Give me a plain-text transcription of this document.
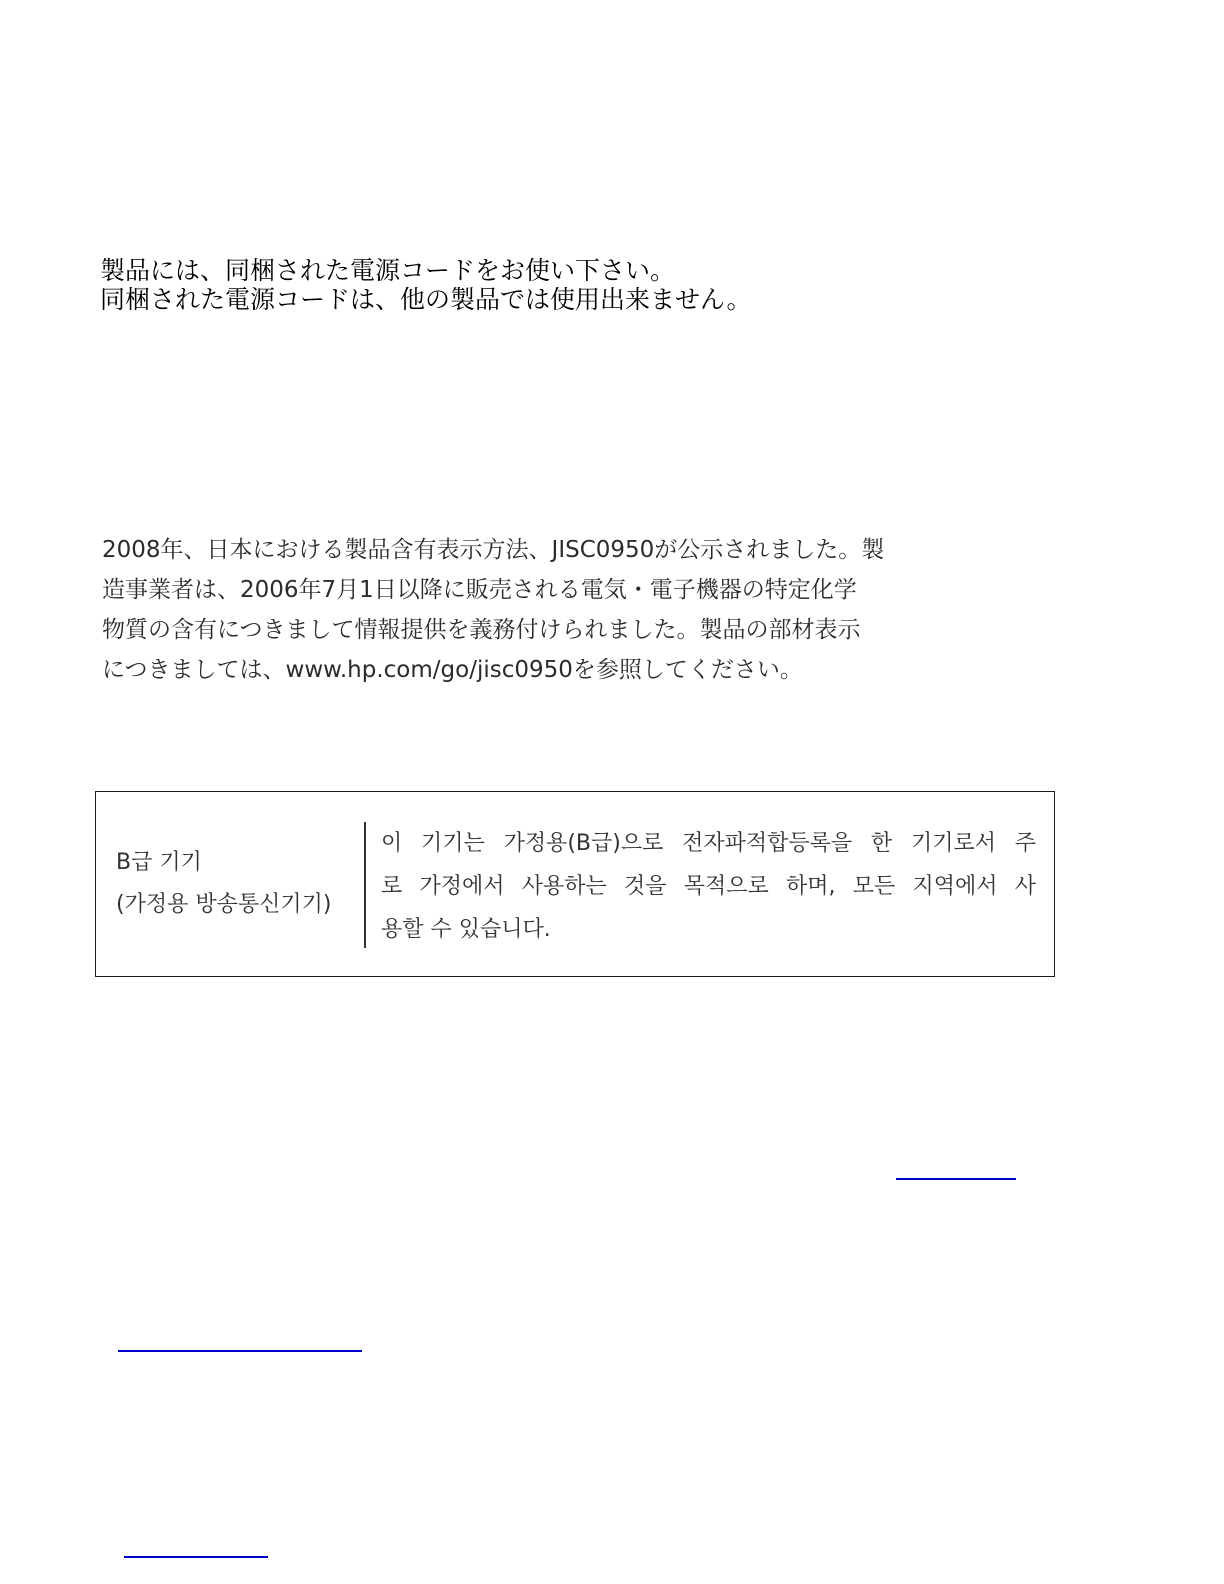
製品には、同梱された電源コードをお使い下さい。
同梱された電源コードは、他の製品では使用出来ません。
2008年、日本における製品含有表示方法、JISC0950が公示されました。製
造事業者は、2006年7月1日以降に販売される電気・電子機器の特定化学
物質の含有につきまして情報提供を義務付けられました。製品の部材表示
につきましては、www.hp.com/go/jisc0950を参照してください。
B급 기기
(가정용 방송통신기기)
이 기기는 가정용(B급)으로 전자파적합등록을 한 기기로서 주
로 가정에서 사용하는 것을 목적으로 하며, 모든 지역에서 사
용할 수 있습니다.
